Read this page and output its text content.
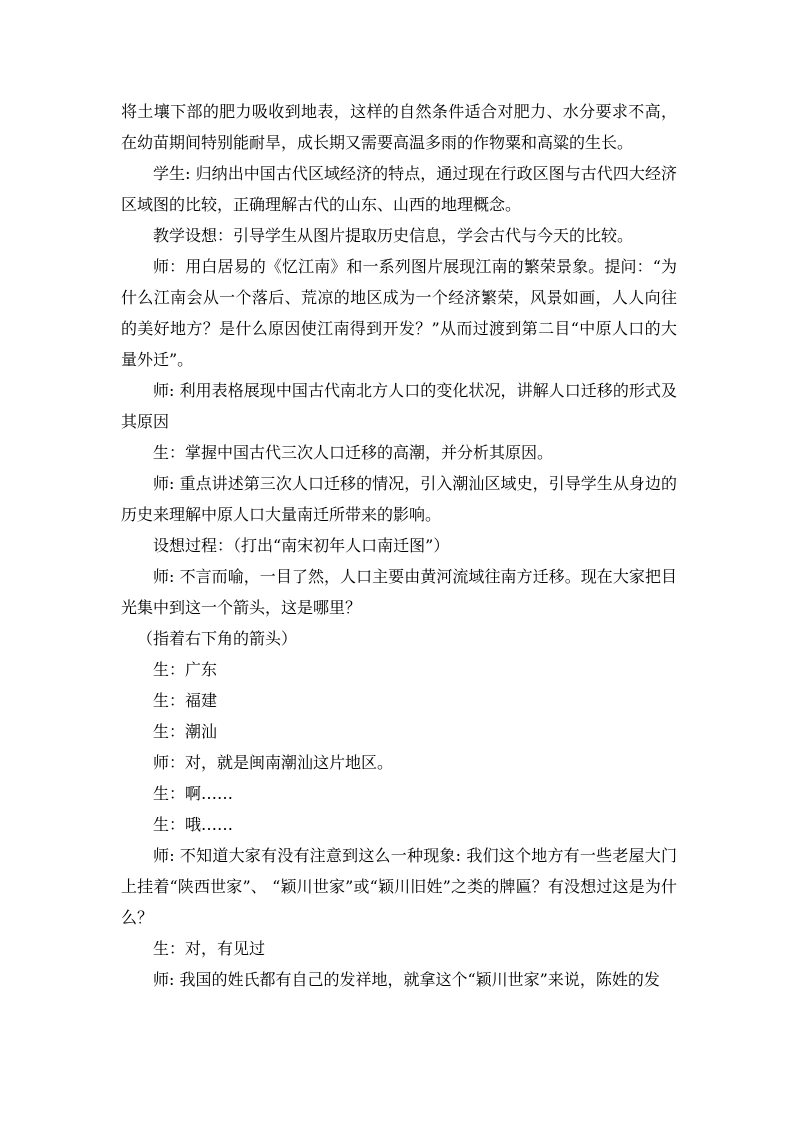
将土壤下部的肥力吸收到地表，这样的自然条件适合对肥力、水分要求不高，在幼苗期间特别能耐旱，成长期又需要高温多雨的作物粟和高粱的生长。

学生: 归纳出中国古代区域经济的特点，通过现在行政区图与古代四大经济区域图的比较，正确理解古代的山东、山西的地理概念。

教学设想：引导学生从图片提取历史信息，学会古代与今天的比较。

师：用白居易的《忆江南》和一系列图片展现江南的繁荣景象。提问：“为什么江南会从一个落后、荒凉的地区成为一个经济繁荣，风景如画，人人向往的美好地方？是什么原因使江南得到开发？”从而过渡到第二目“中原人口的大量外迁”。

师: 利用表格展现中国古代南北方人口的变化状况，讲解人口迁移的形式及其原因

生：掌握中国古代三次人口迁移的高潮，并分析其原因。

师: 重点讲述第三次人口迁移的情况，引入潮汕区域史，引导学生从身边的历史来理解中原人口大量南迁所带来的影响。

设想过程：（打出“南宋初年人口南迁图”）

师: 不言而喻，一目了然，人口主要由黄河流域往南方迁移。现在大家把目光集中到这一个箭头，这是哪里？

（指着右下角的箭头）

生：广东

生：福建

生：潮汕

师：对，就是闽南潮汕这片地区。

生：啊……

生：哦……

师: 不知道大家有没有注意到这么一种现象: 我们这个地方有一些老屋大门上挂着“陕西世家”、 “颖川世家”或“颖川旧姓”之类的牌匾？有没想过这是为什么？

生：对，有见过

师: 我国的姓氏都有自己的发祥地，就拿这个“颖川世家”来说，陈姓的发
